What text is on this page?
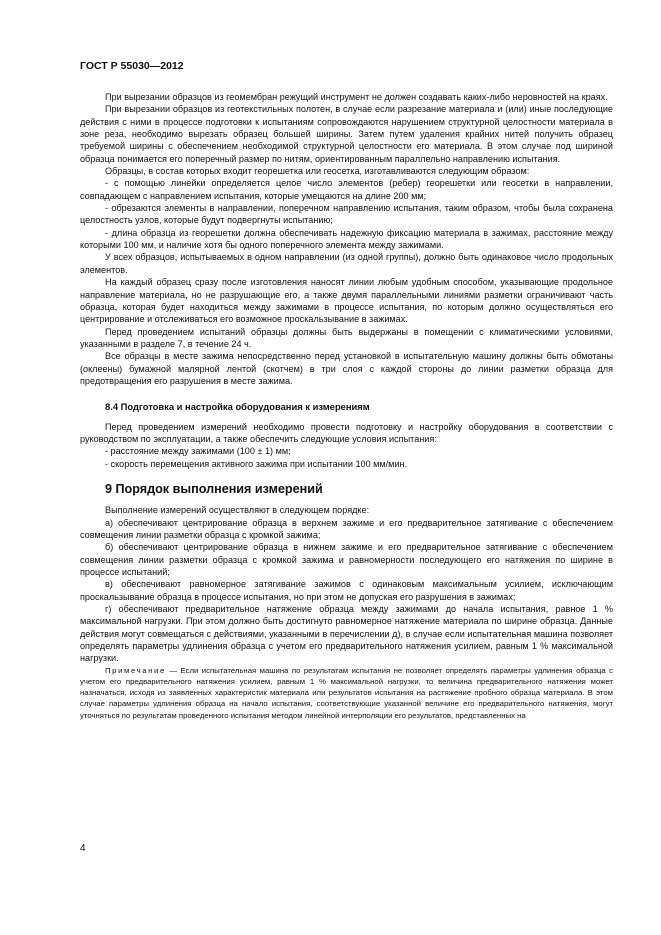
ГОСТ Р 55030—2012

При вырезании образцов из геомембран режущий инструмент не должен создавать каких-либо неровностей на краях.

При вырезании образцов из геотекстильных полотен, в случае если разрезание материала и (или) иные последующие действия с ними в процессе подготовки к испытаниям сопровождаются нарушением структурной целостности материала в зоне реза, необходимо вырезать образец большей ширины. Затем путем удаления крайних нитей получить образец требуемой ширины с обеспечением необходимой структурной целостности его материала. В этом случае под шириной образца понимается его поперечный размер по нитям, ориентированным параллельно направлению испытания.

Образцы, в состав которых входит георешетка или геосетка, изготавливаются следующим образом:

- с помощью линейки определяется целое число элементов (ребер) георешетки или геосетки в направлении, совпадающем с направлением испытания, которые умещаются на длине 200 мм;

- обрезаются элементы в направлении, поперечном направлению испытания, таким образом, чтобы была сохранена целостность узлов, которые будут подвергнуты испытанию;

- длина образца из георешетки должна обеспечивать надежную фиксацию материала в зажимах, расстояние между которыми 100 мм, и наличие хотя бы одного поперечного элемента между зажимами.

У всех образцов, испытываемых в одном направлении (из одной группы), должно быть одинаковое число продольных элементов.

На каждый образец сразу после изготовления наносят линии любым удобным способом, указывающие продольное направление материала, но не разрушающие его, а также двумя параллельными линиями разметки ограничивают часть образца, которая будет находиться между зажимами в процессе испытания, по которым должно осуществляться его центрирование и отслеживаться его возможное проскальзывание в зажимах.

Перед проведением испытаний образцы должны быть выдержаны в помещении с климатическими условиями, указанными в разделе 7, в течение 24 ч.

Все образцы в месте зажима непосредственно перед установкой в испытательную машину должны быть обмотаны (оклеены) бумажной малярной лентой (скотчем) в три слоя с каждой стороны до линии разметки образца для предотвращения его разрушения в месте зажима.

8.4 Подготовка и настройка оборудования к измерениям

Перед проведением измерений необходимо провести подготовку и настройку оборудования в соответствии с руководством по эксплуатации, а также обеспечить следующие условия испытания:

- расстояние между зажимами (100 ± 1) мм;

- скорость перемещения активного зажима при испытании 100 мм/мин.

9 Порядок выполнения измерений

Выполнение измерений осуществляют в следующем порядке:

а) обеспечивают центрирование образца в верхнем зажиме и его предварительное затягивание с обеспечением совмещения линии разметки образца с кромкой зажима;

б) обеспечивают центрирование образца в нижнем зажиме и его предварительное затягивание с обеспечением совмещения линии разметки образца с кромкой зажима и равномерности последующего его натяжения по ширине в процессе испытаний;

в) обеспечивают равномерное затягивание зажимов с одинаковым максимальным усилием, исключающим проскальзывание образца в процессе испытания, но при этом не допуская его разрушения в зажимах;

г) обеспечивают предварительное натяжение образца между зажимами до начала испытания, равное 1 % максимальной нагрузки. При этом должно быть достигнуто равномерное натяжение материала по ширине образца. Данные действия могут совмещаться с действиями, указанными в перечислении д), в случае если испытательная машина позволяет определять параметры удлинения образца с учетом его предварительного натяжения усилием, равным 1 % максимальной нагрузки.

Примечание — Если испытательная машина по результатам испытания не позволяет определять параметры удлинения образца с учетом его предварительного натяжения усилием, равным 1 % максимальной нагрузки, то величина предварительного натяжения может назначаться, исходя из заявленных характеристик материала или результатов испытания на растяжение пробного образца материала. В этом случае параметры удлинения образца на начало испытания, соответствующие указанной величине его предварительного натяжения, могут уточняться по результатам проведенного испытания методом линейной интерполяции его результатов, представленных на

4
